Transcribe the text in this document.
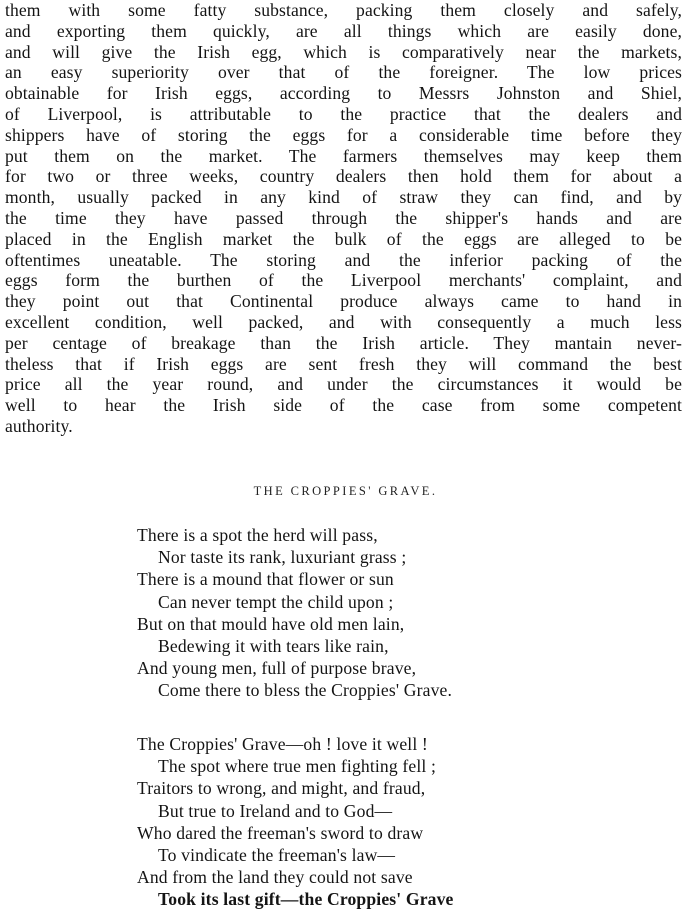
them with some fatty substance, packing them closely and safely,
and exporting them quickly, are all things which are easily done,
and will give the Irish egg, which is comparatively near the markets,
an easy superiority over that of the foreigner. The low prices
obtainable for Irish eggs, according to Messrs Johnston and Shiel,
of Liverpool, is attributable to the practice that the dealers and
shippers have of storing the eggs for a considerable time before they
put them on the market. The farmers themselves may keep them
for two or three weeks, country dealers then hold them for about a
month, usually packed in any kind of straw they can find, and by
the time they have passed through the shipper's hands and are
placed in the English market the bulk of the eggs are alleged to be
oftentimes uneatable. The storing and the inferior packing of the
eggs form the burthen of the Liverpool merchants' complaint, and
they point out that Continental produce always came to hand in
excellent condition, well packed, and with consequently a much less
per centage of breakage than the Irish article. They mantain never-
theless that if Irish eggs are sent fresh they will command the best
price all the year round, and under the circumstances it would be
well to hear the Irish side of the case from some competent
authority.
THE CROPPIES' GRAVE.
There is a spot the herd will pass,
Nor taste its rank, luxuriant grass ;
There is a mound that flower or sun
Can never tempt the child upon ;
But on that mould have old men lain,
Bedewing it with tears like rain,
And young men, full of purpose brave,
Come there to bless the Croppies' Grave.
The Croppies' Grave—oh ! love it well !
The spot where true men fighting fell ;
Traitors to wrong, and might, and fraud,
But true to Ireland and to God—
Who dared the freeman's sword to draw
To vindicate the freeman's law—
And from the land they could not save
Took its last gift—the Croppies' Grave
